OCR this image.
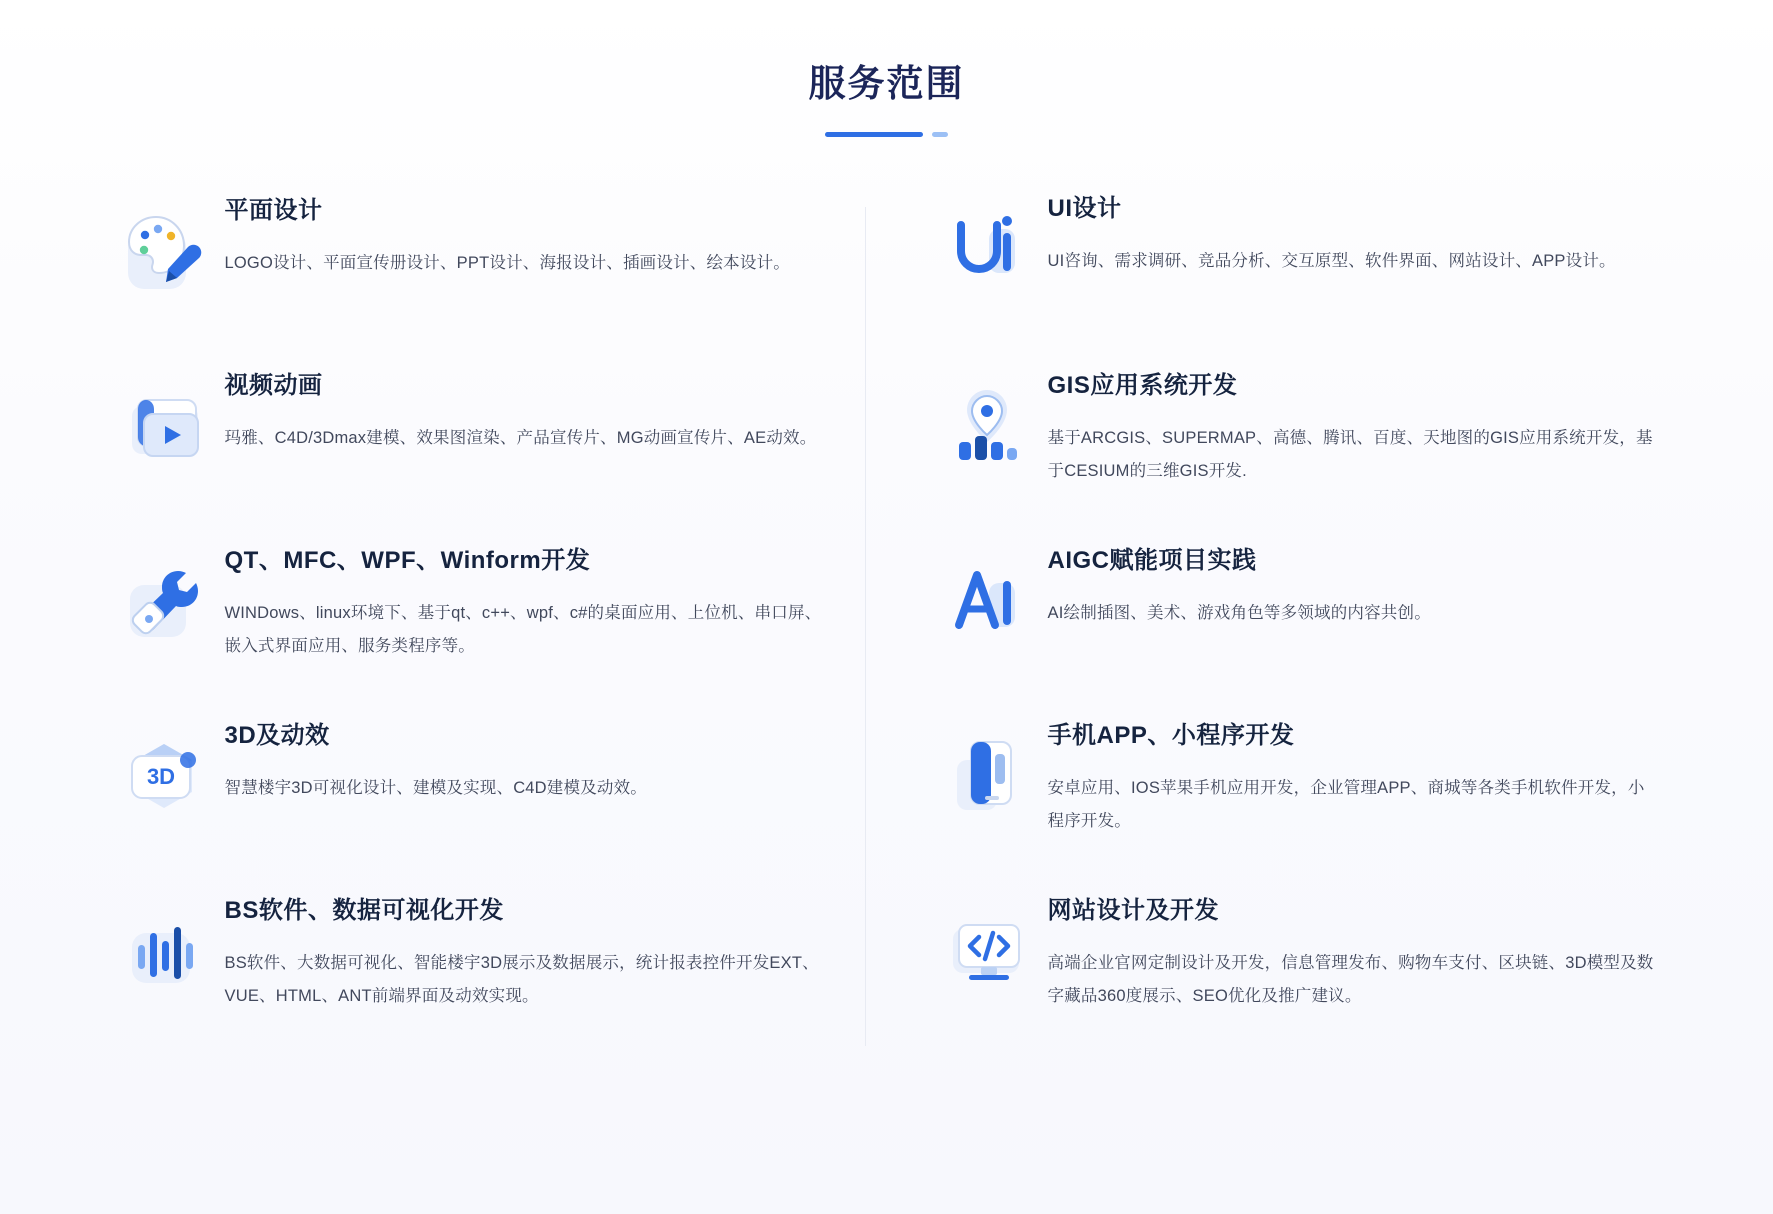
服务范围
平面设计
LOGO设计、平面宣传册设计、PPT设计、海报设计、插画设计、绘本设计。
视频动画
玛雅、C4D/3Dmax建模、效果图渲染、产品宣传片、MG动画宣传片、AE动效。
QT、MFC、WPF、Winform开发
WINDows、linux环境下、基于qt、c++、wpf、c#的桌面应用、上位机、串口屏、嵌入式界面应用、服务类程序等。
3D
3D及动效
智慧楼宇3D可视化设计、建模及实现、C4D建模及动效。
BS软件、数据可视化开发
BS软件、大数据可视化、智能楼宇3D展示及数据展示，统计报表控件开发EXT、VUE、HTML、ANT前端界面及动效实现。
UI设计
UI咨询、需求调研、竞品分析、交互原型、软件界面、网站设计、APP设计。
GIS应用系统开发
基于ARCGIS、SUPERMAP、高德、腾讯、百度、天地图的GIS应用系统开发，基于CESIUM的三维GIS开发.
AIGC赋能项目实践
AI绘制插图、美术、游戏角色等多领域的内容共创。
手机APP、小程序开发
安卓应用、IOS苹果手机应用开发，企业管理APP、商城等各类手机软件开发，小程序开发。
网站设计及开发
高端企业官网定制设计及开发，信息管理发布、购物车支付、区块链、3D模型及数字藏品360度展示、SEO优化及推广建议。
